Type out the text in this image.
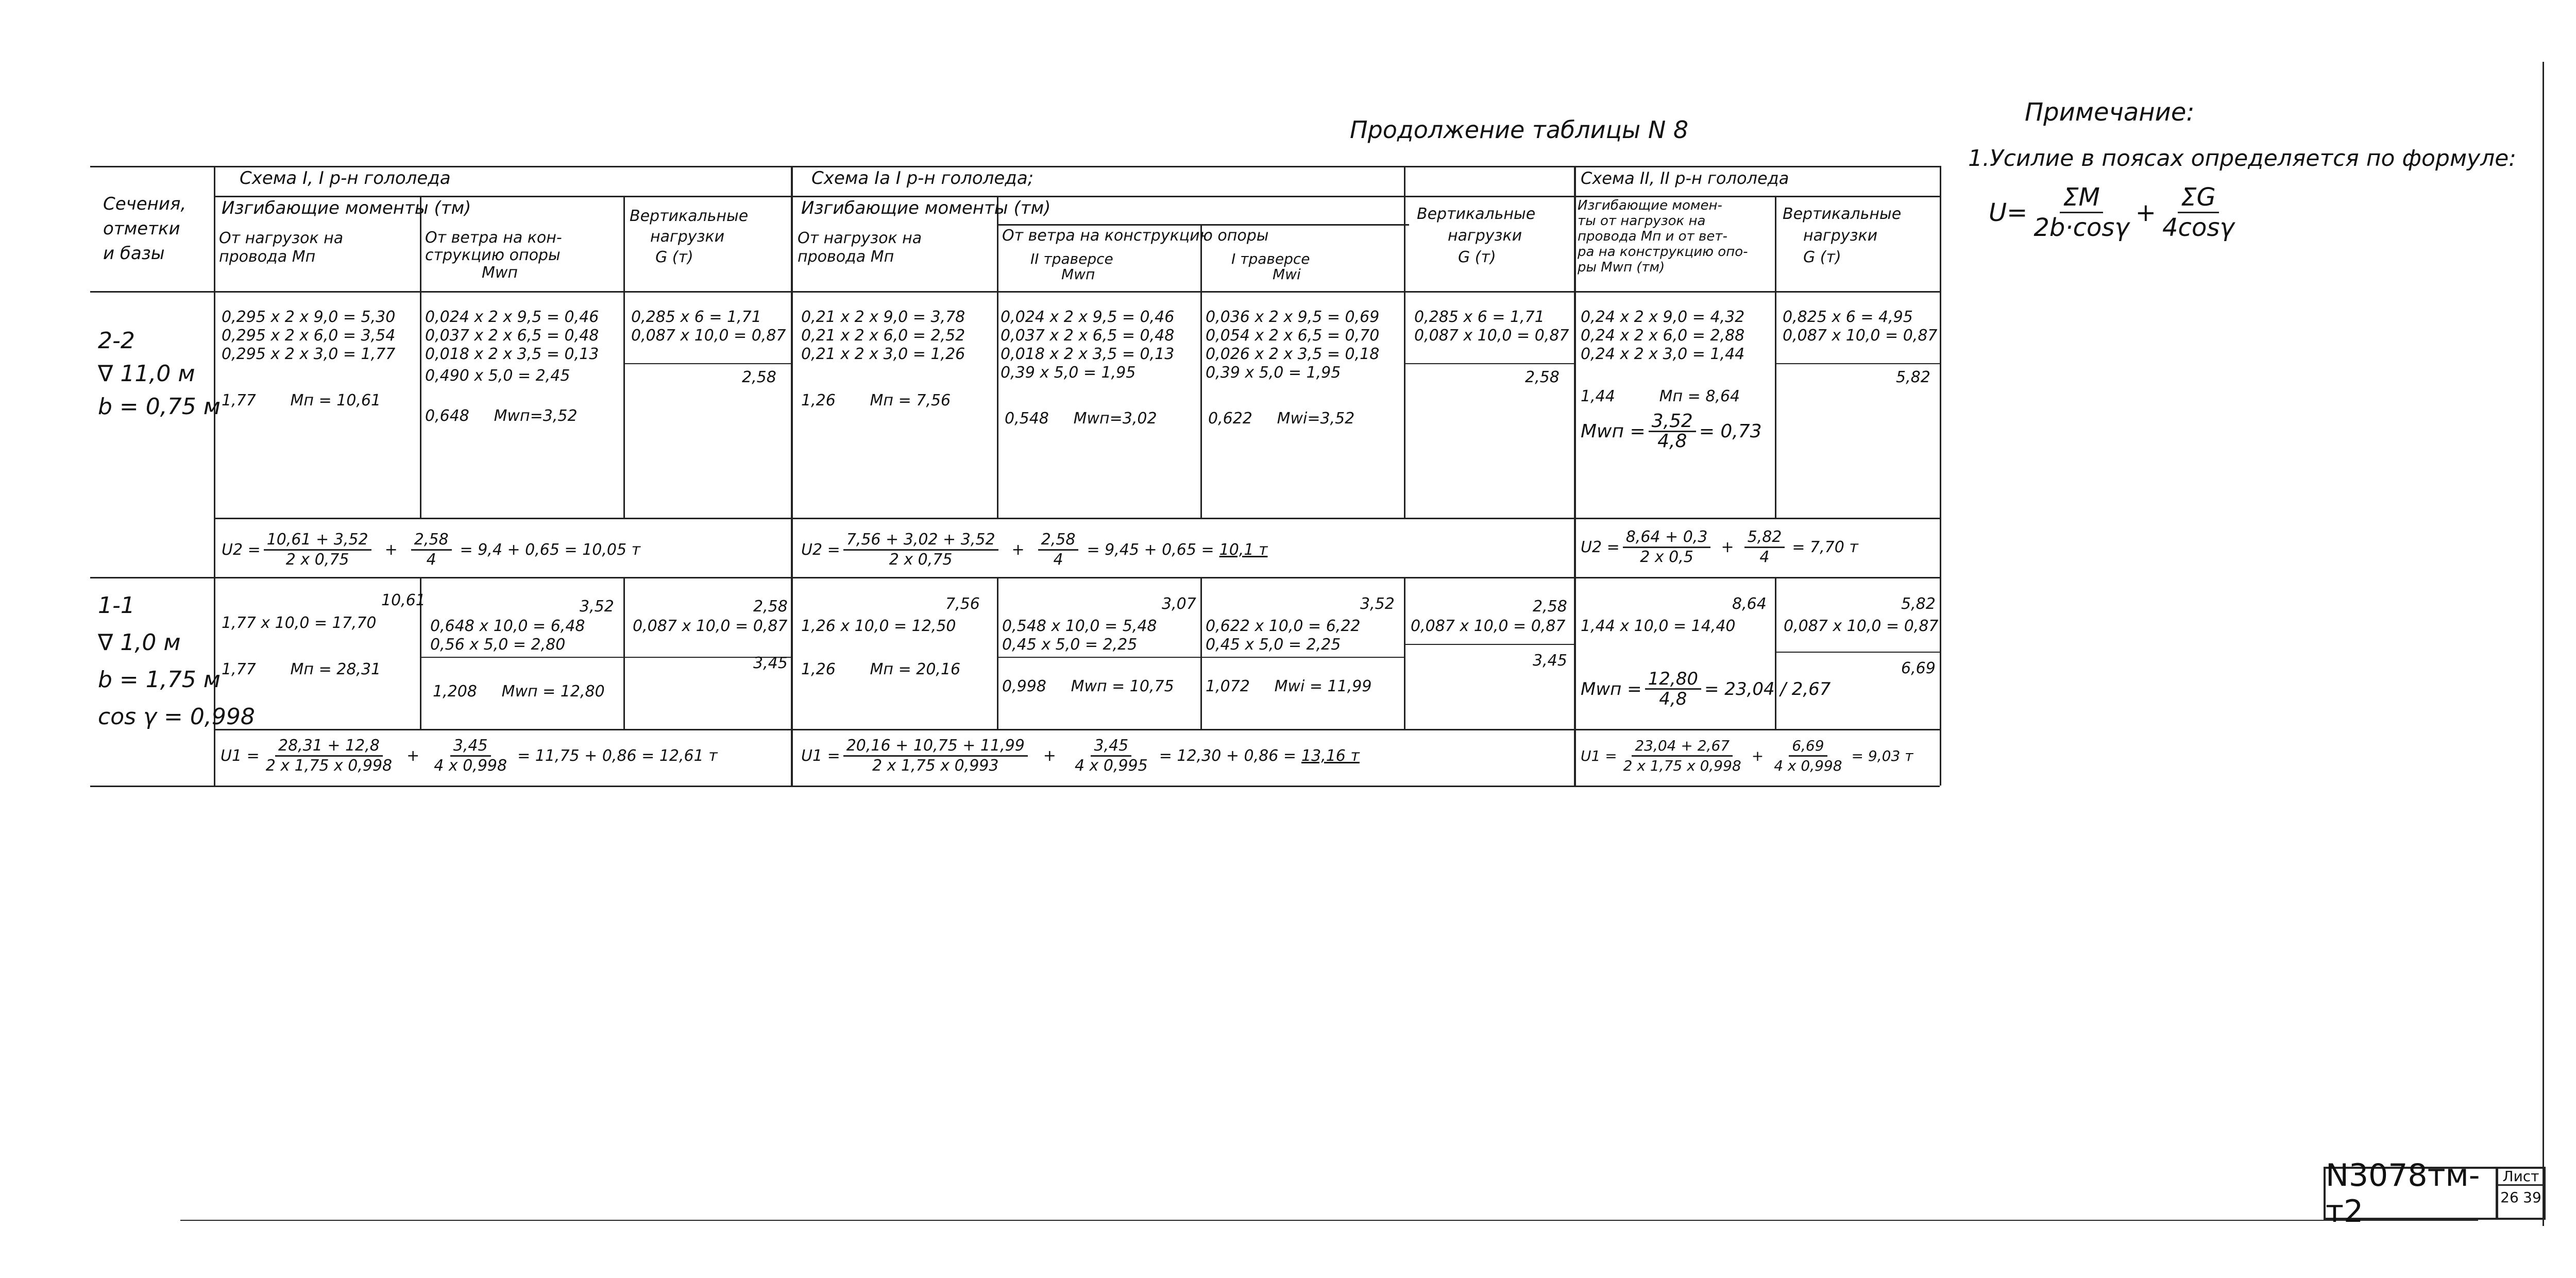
Продолжение таблицы N 8
Примечание:
1.Усилие в поясах определяется по формуле:
$U= \frac{\Sigma M}{2b\cdot\cos\gamma} + \frac{\Sigma G}{4\cos\gamma}$
Сечения,
отметки
и базы
2-2
∇ 11,0 м
b = 0,75 м
1-1
∇ 1,0 м
b = 1,75 м
cos γ = 0,998
Схема I, I р-н гололеда
Изгибающие моменты (тм)
От нагрузок на
провода Mп
От ветра на кон-
струкцию опоры
Mwп
Вертикальные
нагрузки
G (т)
0,295 x 2 x 9,0 = 5,30
0,295 x 2 x 6,0 = 3,54
0,295 x 2 x 3,0 = 1,77
1,77       Mп = 10,61
0,024 x 2 x 9,5 = 0,46
0,037 x 2 x 6,5 = 0,48
0,018 x 2 x 3,5 = 0,13
0,490 x 5,0 = 2,45
0,648     Mwп=3,52
0,285 x 6 = 1,71
0,087 x 10,0 = 0,87
2,58
$U2 = \frac{10,61 + 3,52}{2 x 0,75} + \frac{2,58}{4} = 9,4 + 0,65 = 10,05$ т
10,61
1,77 x 10,0 = 17,70
1,77       Mп = 28,31
3,52
0,648 x 10,0 = 6,48
0,56 x 5,0 = 2,80
1,208     Mwп = 12,80
2,58
0,087 x 10,0 = 0,87
3,45
$U1 = \frac{28,31 + 12,8}{2 x 1,75 x 0,998} + \frac{3,45}{4 x 0,998} = 11,75 + 0,86 = 12,61$ т
Схема Iа I р-н гололеда;
Изгибающие моменты (тм)
От нагрузок на
провода Mп
От ветра на конструкцию опоры
II траверсе
Mwп
I траверсе
Mwi
Вертикальные
нагрузки
G (т)
0,21 x 2 x 9,0 = 3,78
0,21 x 2 x 6,0 = 2,52
0,21 x 2 x 3,0 = 1,26
1,26       Mп = 7,56
0,024 x 2 x 9,5 = 0,46
0,037 x 2 x 6,5 = 0,48
0,018 x 2 x 3,5 = 0,13
0,39 x 5,0 = 1,95
0,548     Mwп=3,02
0,036 x 2 x 9,5 = 0,69
0,054 x 2 x 6,5 = 0,70
0,026 x 2 x 3,5 = 0,18
0,39 x 5,0 = 1,95
0,622     Mwi=3,52
0,285 x 6 = 1,71
0,087 x 10,0 = 0,87
2,58
$U2 = \frac{7,56 + 3,02 + 3,52}{2 x 0,75} + \frac{2,58}{4} = 9,45 + 0,65 = 10,1$ т
7,56
1,26 x 10,0 = 12,50
1,26       Mп = 20,16
3,07
0,548 x 10,0 = 5,48
0,45 x 5,0 = 2,25
0,998     Mwп = 10,75
3,52
0,622 x 10,0 = 6,22
0,45 x 5,0 = 2,25
1,072     Mwi = 11,99
2,58
0,087 x 10,0 = 0,87
3,45
$U1 = \frac{20,16 + 10,75 + 11,99}{2 x 1,75 x 0,993} + \frac{3,45}{4 x 0,995} = 12,30 + 0,86 = 13,16$ т
Схема II, II р-н гололеда
Изгибающие момен-
ты от нагрузок на
провода Mп и от вет-
ра на конструкцию опо-
ры Mwп (тм)
Вертикальные
нагрузки
G (т)
0,24 x 2 x 9,0 = 4,32
0,24 x 2 x 6,0 = 2,88
0,24 x 2 x 3,0 = 1,44
1,44         Mп = 8,64
Mwп = $\frac{3,52}{4,8} = 0,73$
0,825 x 6 = 4,95
0,087 x 10,0 = 0,87
5,82
$U2 = \frac{8,64 + 0,3}{2 x 0,5} + \frac{5,82}{4} = 7,70$ т
8,64
1,44 x 10,0 = 14,40
Mwп = $\frac{12,80}{4,8} = 23,04 / 2,67$
5,82
0,087 x 10,0 = 0,87
6,69
$U1 = \frac{23,04 + 2,67}{2 x 1,75 x 0,998} + \frac{6,69}{4 x 0,998} = 9,03$ т
N3078тм-т2
Лист
26 39
